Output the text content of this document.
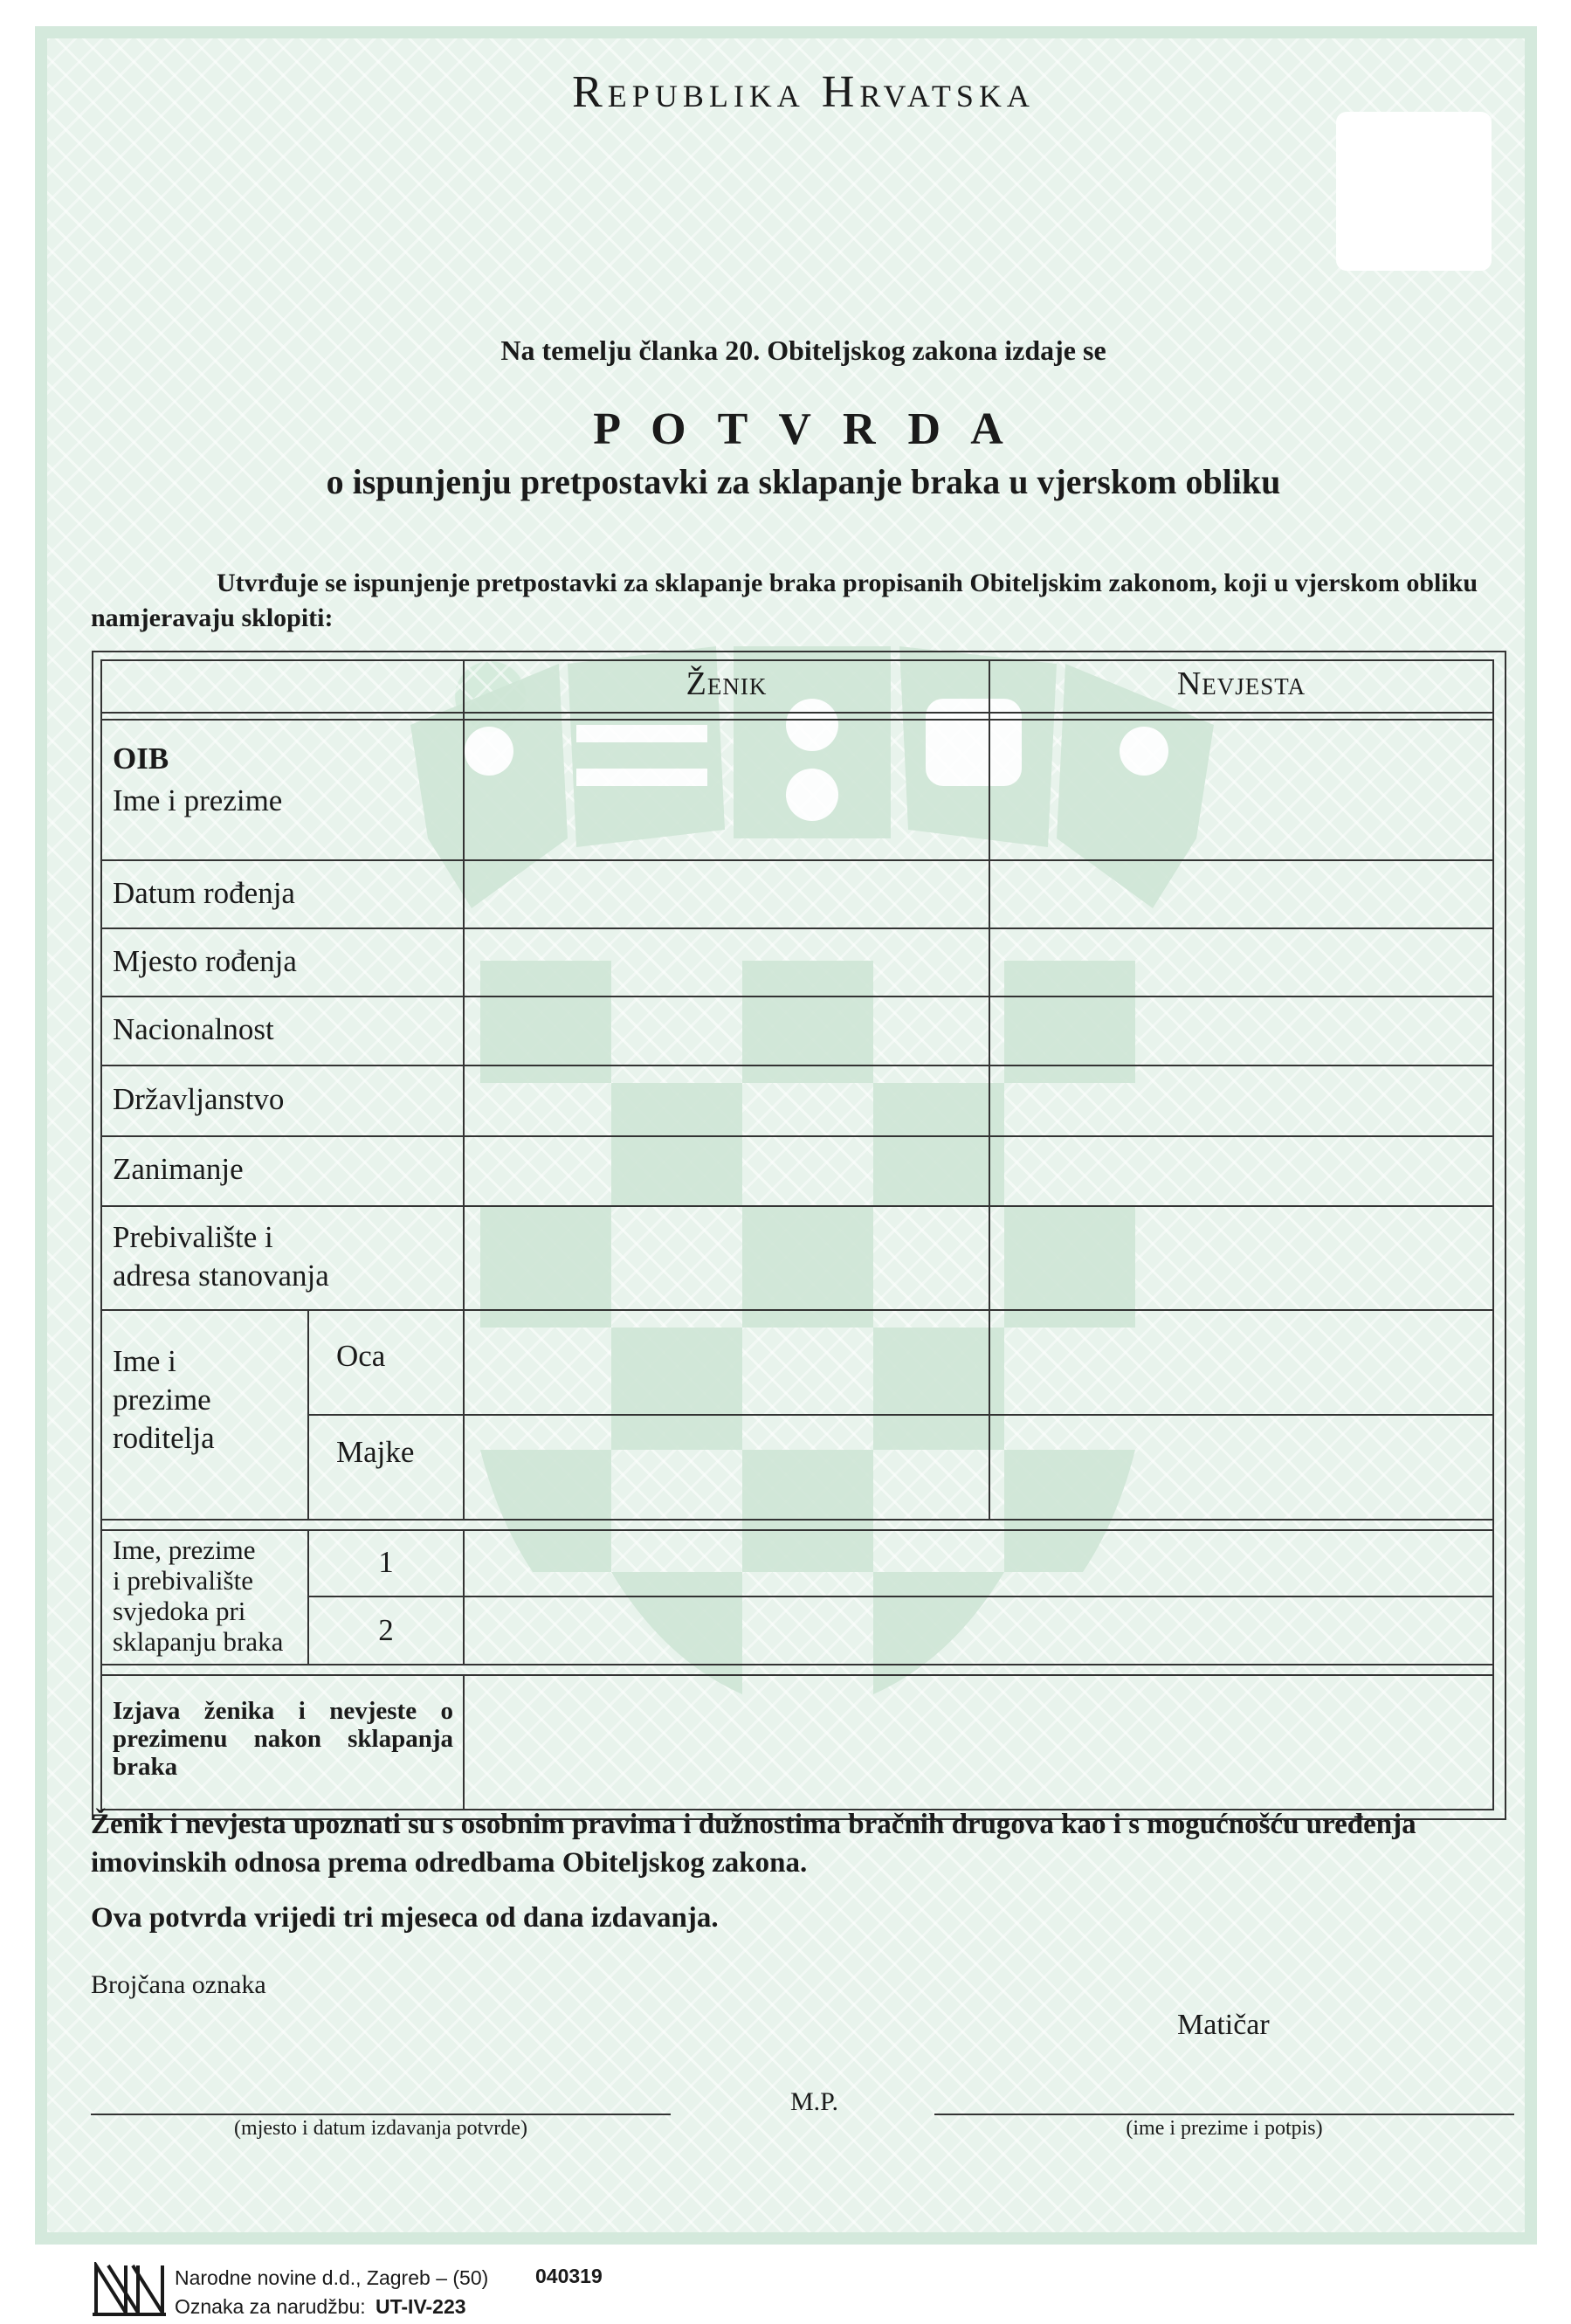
Republika Hrvatska
Na temelju članka 20. Obiteljskog zakona izdaje se
P O T V R D A
o ispunjenju pretpostavki za sklapanje braka u vjerskom obliku
Utvrđuje se ispunjenje pretpostavki za sklapanje braka propisanih Obiteljskim zakonom, koji u vjerskom obliku namjeravaju sklopiti:
Ženik	Nevjesta
OIB
Ime i prezime
Datum rođenja
Mjesto rođenja
Nacionalnost
Državljanstvo
Zanimanje
Prebivalište i
adresa stanovanja
Ime i
prezime
roditelja
Oca
Majke
Ime, prezime
i prebivalište
svjedoka pri
sklapanju braka
1
2
Izjava ženika i nevjeste o prezimenu nakon sklapanja braka
Ženik i nevjesta upoznati su s osobnim pravima i dužnostima bračnih drugova kao i s mogućnošću uređenja imovinskih odnosa prema odredbama Obiteljskog zakona.
Ova potvrda vrijedi tri mjeseca od dana izdavanja.
Brojčana oznaka
Matičar
M.P.
(mjesto i datum izdavanja potvrde)	(ime i prezime i potpis)
Narodne novine d.d., Zagreb – (50) 040319
Oznaka za narudžbu: UT-IV-223
